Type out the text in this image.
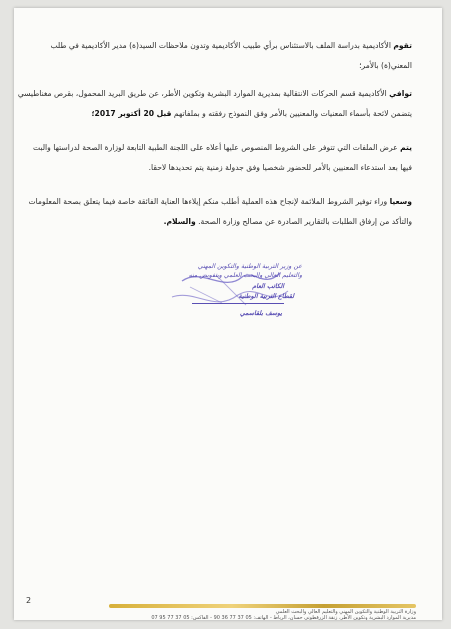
تقوم الأكاديمية بدراسة الملف بالاستئناس برأي طبيب الأكاديمية وتدون ملاحظات السيد(ة) مدير الأكاديمية في طلب
المعني(ة) بالأمر؛
توافي الأكاديمية قسم الحركات الانتقالية بمديرية الموارد البشرية وتكوين الأطر، عن طريق البريد المحمول، بقرص مغناطيسي
يتضمن لائحة بأسماء المعنيات والمعنيين بالأمر وفق النموذج رفقته و بملفاتهم قبل 20 أكتوبر 2017؛
يتم عرض الملفات التي تتوفر على الشروط المنصوص عليها أعلاه على اللجنة الطبية التابعة لوزارة الصحة لدراستها والبت
فيها بعد استدعاء المعنيين بالأمر للحضور شخصيا وفق جدولة زمنية يتم تحديدها لاحقا.
وسعيا وراء توفير الشروط الملائمة لإنجاح هذه العملية أطلب منكم إيلاءها العناية الفائقة خاصة فيما يتعلق بصحة المعلومات
والتأكد من إرفاق الطلبات بالتقارير الصادرة عن مصالح وزارة الصحة. والسلام.
عن وزير التربية الوطنية والتكوين المهني
والتعليم العالي والبحث العلمي وبتفويض منه
الكاتب العام
لقطاع التربية الوطنية
يوسف بلقاسمي
2
وزارة التربية الوطنية والتكوين المهني والتعليم العالي والبحث العلمي
مديرية الموارد البشرية وتكوين الأطر، زنقة الزرقطوني حسان، الرباط - الهاتف: 05 37 77 36 90 - الفاكس: 05 37 77 95 07
